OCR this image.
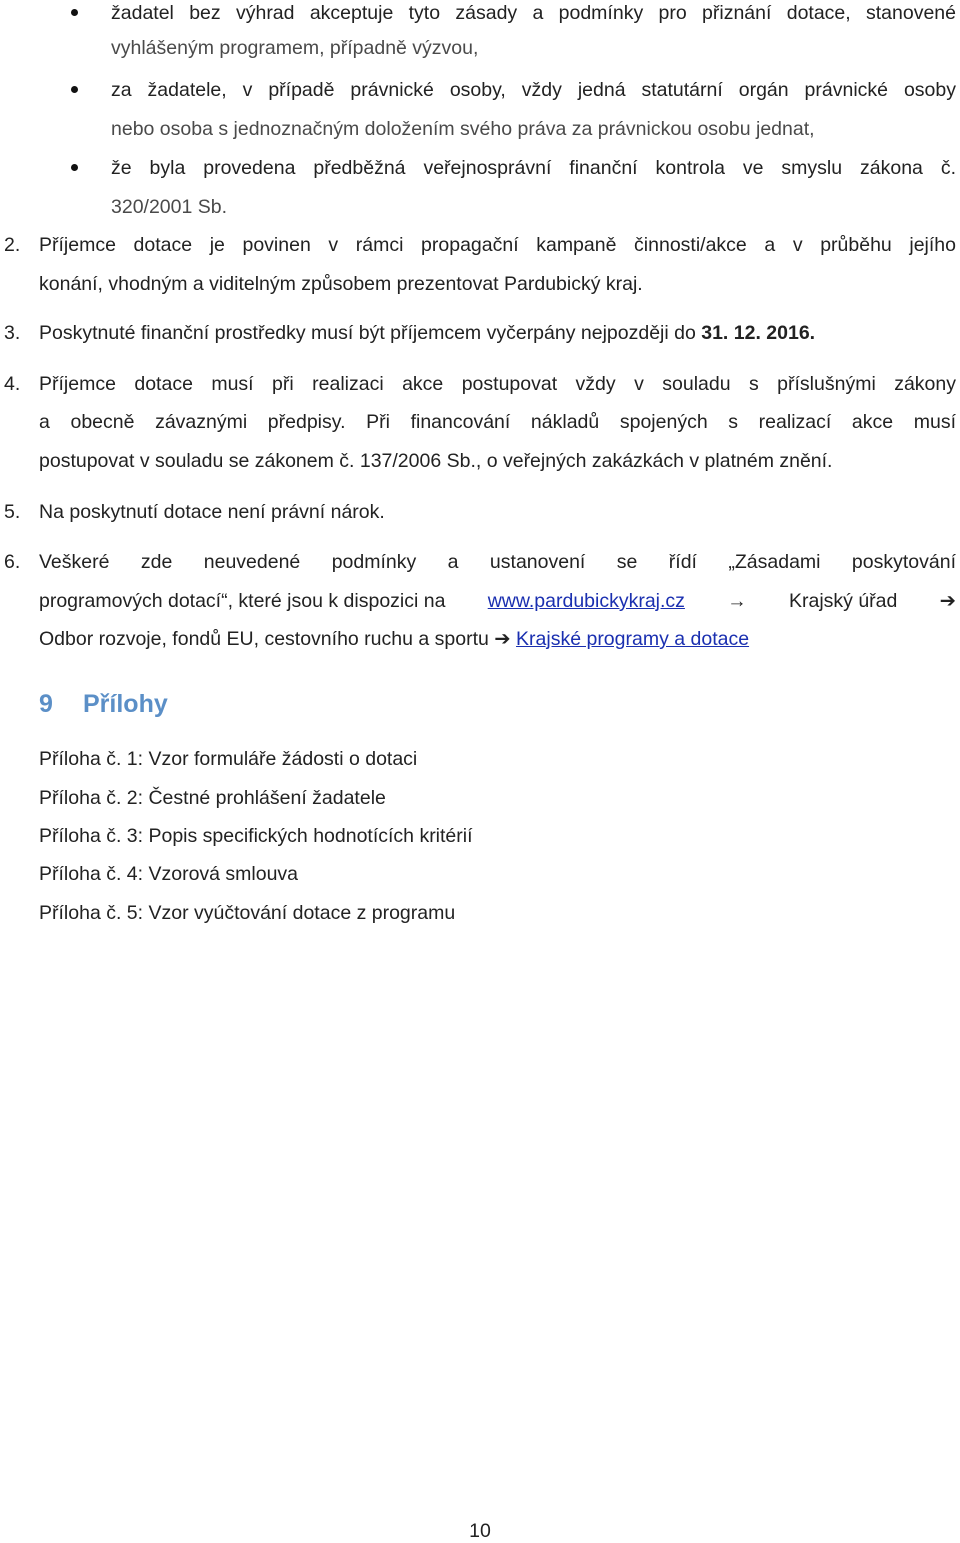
žadatel bez výhrad akceptuje tyto zásady a podmínky pro přiznání dotace, stanovené
vyhlášeným programem, případně výzvou,
za žadatele, v případě právnické osoby, vždy jedná statutární orgán právnické osoby
nebo osoba s jednoznačným doložením svého práva za právnickou osobu jednat,
že byla provedena předběžná veřejnosprávní finanční kontrola ve smyslu zákona č.
320/2001 Sb.
2. Příjemce dotace je povinen v rámci propagační kampaně činnosti/akce a v průběhu jejího
konání, vhodným a viditelným způsobem prezentovat Pardubický kraj.
3. Poskytnuté finanční prostředky musí být příjemcem vyčerpány nejpozději do 31. 12. 2016.
4. Příjemce dotace musí při realizaci akce postupovat vždy v souladu s příslušnými zákony
a obecně závaznými předpisy. Při financování nákladů spojených s realizací akce musí
postupovat v souladu se zákonem č. 137/2006 Sb., o veřejných zakázkách v platném znění.
5. Na poskytnutí dotace není právní nárok.
6. Veškeré zde neuvedené podmínky a ustanovení se řídí „Zásadami poskytování
programových dotací“, které jsou k dispozici na www.pardubickykraj.cz → Krajský úřad ➔
Odbor rozvoje, fondů EU, cestovního ruchu a sportu ➔ Krajské programy a dotace
9 Přílohy
Příloha č. 1: Vzor formuláře žádosti o dotaci
Příloha č. 2: Čestné prohlášení žadatele
Příloha č. 3: Popis specifických hodnotících kritérií
Příloha č. 4: Vzorová smlouva
Příloha č. 5: Vzor vyúčtování dotace z programu
10
